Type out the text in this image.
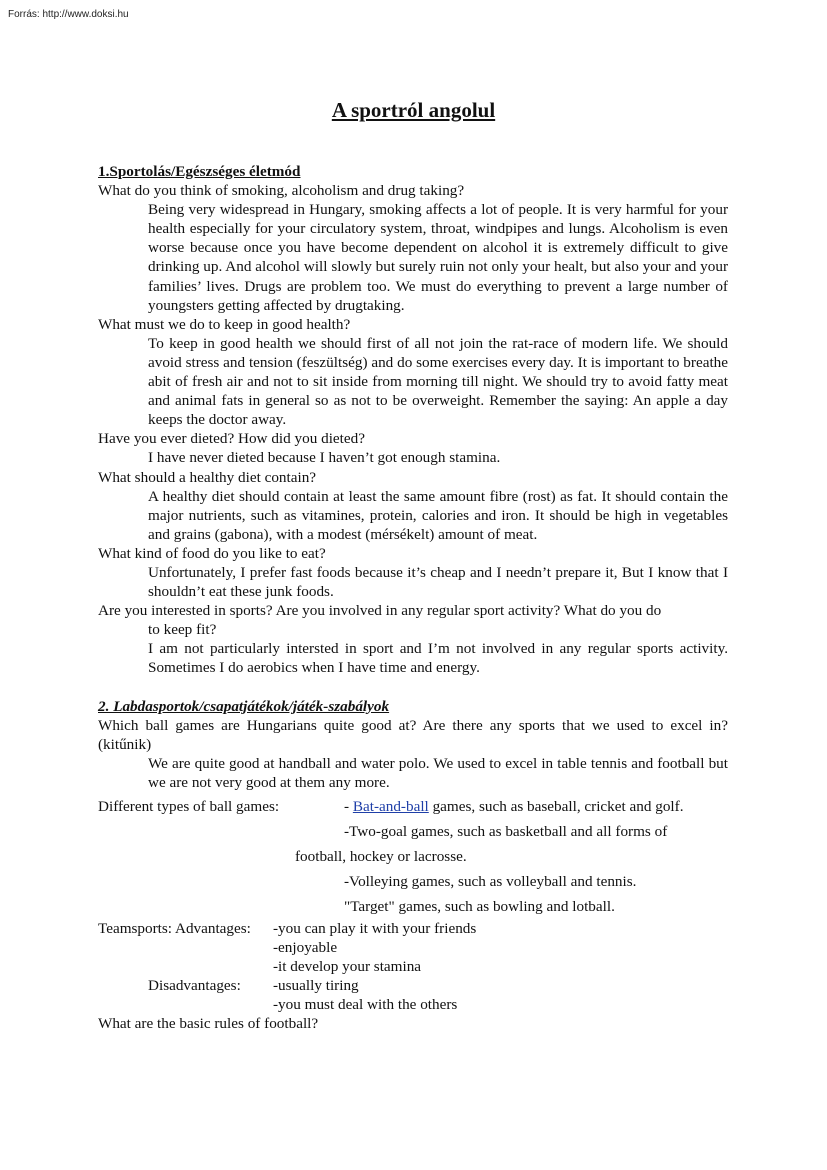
Forrás: http://www.doksi.hu
A sportról angolul
1.Sportolás/Egészséges életmód
What do you think of smoking, alcoholism and drug taking?
Being very widespread in Hungary, smoking affects a lot of people. It is very harmful for your health especially for your circulatory system, throat, windpipes and lungs. Alcoholism is even worse because once you have become dependent on alcohol it is extremely difficult to give drinking up. And alcohol will slowly but surely ruin not only your healt, but also your and your families’ lives. Drugs are problem too. We must do everything to prevent a large number of youngsters getting affected by drugtaking.
What must we do to keep in good health?
To keep in good health we should first of all not join the rat-race of modern life. We should avoid stress and tension (feszültség) and do some exercises every day. It is important to breathe abit of fresh air and not to sit inside from morning till night. We should try to avoid fatty meat and animal fats in general so as not to be overweight. Remember the saying: An apple a day keeps the doctor away.
Have you ever dieted? How did you dieted?
I have never dieted because I haven’t got enough stamina.
What should a healthy diet contain?
A healthy diet should contain at least the same amount fibre (rost) as fat. It should contain the major nutrients, such as vitamines, protein, calories and iron. It should be high in vegetables and grains (gabona), with a modest (mérsékelt) amount of meat.
What kind of food do you like to eat?
Unfortunately, I prefer fast foods because it’s cheap and I needn’t prepare it, But I know that I shouldn’t eat these junk foods.
Are you interested in sports? Are you involved in any regular sport activity? What do you do
to keep fit?
I am not particularly intersted in sport and I’m not involved in any regular sports activity. Sometimes I do aerobics when I have time and energy.
2. Labdasportok/csapatjátékok/játék-szabályok
Which ball games are Hungarians quite good at? Are there any sports that we used to excel in? (kitűnik)
We are quite good at handball and water polo. We used to excel in table tennis and football but we are not very good at them any more.
Different types of ball games:	- Bat-and-ball games, such as baseball, cricket and golf.
-Two-goal games, such as basketball and all forms of
football, hockey or lacrosse.
-Volleying games, such as volleyball and tennis.
"Target" games, such as bowling and lotball.
Teamsports: Advantages:	-you can play it with your friends
-enjoyable
-it develop your stamina
Disadvantages:	-usually tiring
-you must deal with the others
What are the basic rules of football?
